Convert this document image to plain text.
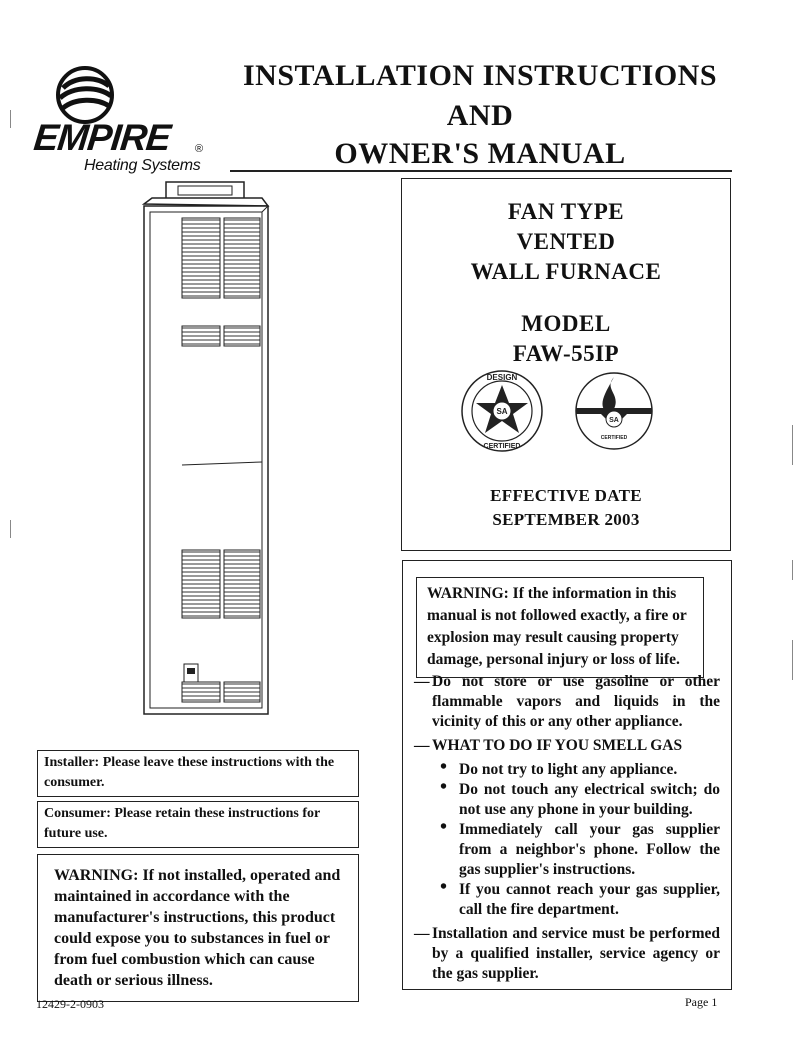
EMPIRE ®
Heating Systems
INSTALLATION INSTRUCTIONS
AND
OWNER'S MANUAL
FAN TYPE
VENTED
WALL FURNACE
MODEL
FAW-55IP
SA
DESIGN
CERTIFIED
SA
CERTIFIED
EFFECTIVE DATE
SEPTEMBER 2003
WARNING: If the information in this manual is not followed exactly, a fire or explosion may result causing property damage, personal injury or loss of life.
— Do not store or use gasoline or other flammable vapors and liquids in the vicinity of this or any other appliance.
— WHAT TO DO IF YOU SMELL GAS
• Do not try to light any appliance.
• Do not touch any electrical switch; do not use any phone in your building.
• Immediately call your gas supplier from a neighbor's phone. Follow the gas supplier's instructions.
• If you cannot reach your gas supplier, call the fire department.
— Installation and service must be performed by a qualified installer, service agency or the gas supplier.
Installer: Please leave these instructions with the consumer.
Consumer: Please retain these instructions for future use.
WARNING: If not installed, operated and maintained in accordance with the manufacturer's instructions, this product could expose you to substances in fuel or from fuel combustion which can cause death or serious illness.
12429-2-0903	Page 1
